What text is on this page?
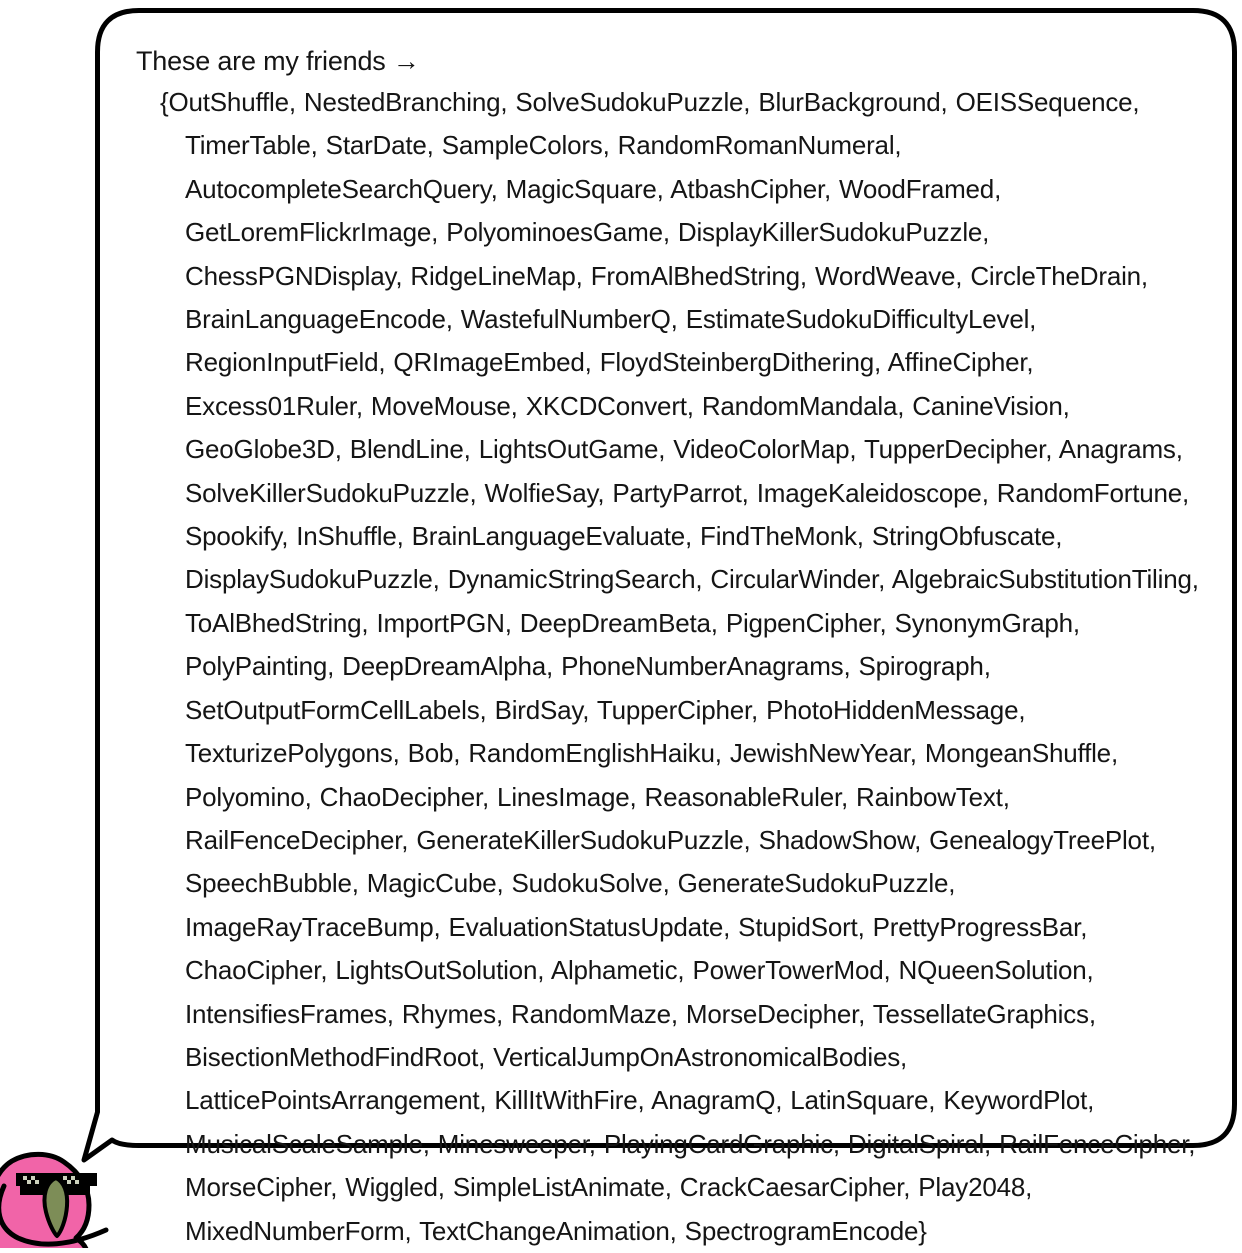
These are my friends →
{OutShuffle, NestedBranching, SolveSudokuPuzzle, BlurBackground, OEISSequence, TimerTable, StarDate, SampleColors, RandomRomanNumeral, AutocompleteSearchQuery, MagicSquare, AtbashCipher, WoodFramed, GetLoremFlickrImage, PolyominoesGame, DisplayKillerSudokuPuzzle, ChessPGNDisplay, RidgeLineMap, FromAlBhedString, WordWeave, CircleTheDrain, BrainLanguageEncode, WastefulNumberQ, EstimateSudokuDifficultyLevel, RegionInputField, QRImageEmbed, FloydSteinbergDithering, AffineCipher, Excess01Ruler, MoveMouse, XKCDConvert, RandomMandala, CanineVision, GeoGlobe3D, BlendLine, LightsOutGame, VideoColorMap, TupperDecipher, Anagrams, SolveKillerSudokuPuzzle, WolfieSay, PartyParrot, ImageKaleidoscope, RandomFortune, Spookify, InShuffle, BrainLanguageEvaluate, FindTheMonk, StringObfuscate, DisplaySudokuPuzzle, DynamicStringSearch, CircularWinder, AlgebraicSubstitutionTiling, ToAlBhedString, ImportPGN, DeepDreamBeta, PigpenCipher, SynonymGraph, PolyPainting, DeepDreamAlpha, PhoneNumberAnagrams, Spirograph, SetOutputFormCellLabels, BirdSay, TupperCipher, PhotoHiddenMessage, TexturizePolygons, Bob, RandomEnglishHaiku, JewishNewYear, MongeanShuffle, Polyomino, ChaoDecipher, LinesImage, ReasonableRuler, RainbowText, RailFenceDecipher, GenerateKillerSudokuPuzzle, ShadowShow, GenealogyTreePlot, SpeechBubble, MagicCube, SudokuSolve, GenerateSudokuPuzzle, ImageRayTraceBump, EvaluationStatusUpdate, StupidSort, PrettyProgressBar, ChaoCipher, LightsOutSolution, Alphametic, PowerTowerMod, NQueenSolution, IntensifiesFrames, Rhymes, RandomMaze, MorseDecipher, TessellateGraphics, BisectionMethodFindRoot, VerticalJumpOnAstronomicalBodies, LatticePointsArrangement, KillItWithFire, AnagramQ, LatinSquare, KeywordPlot, MusicalScaleSample, Minesweeper, PlayingCardGraphic, DigitalSpiral, RailFenceCipher, MorseCipher, Wiggled, SimpleListAnimate, CrackCaesarCipher, Play2048, MixedNumberForm, TextChangeAnimation, SpectrogramEncode}
